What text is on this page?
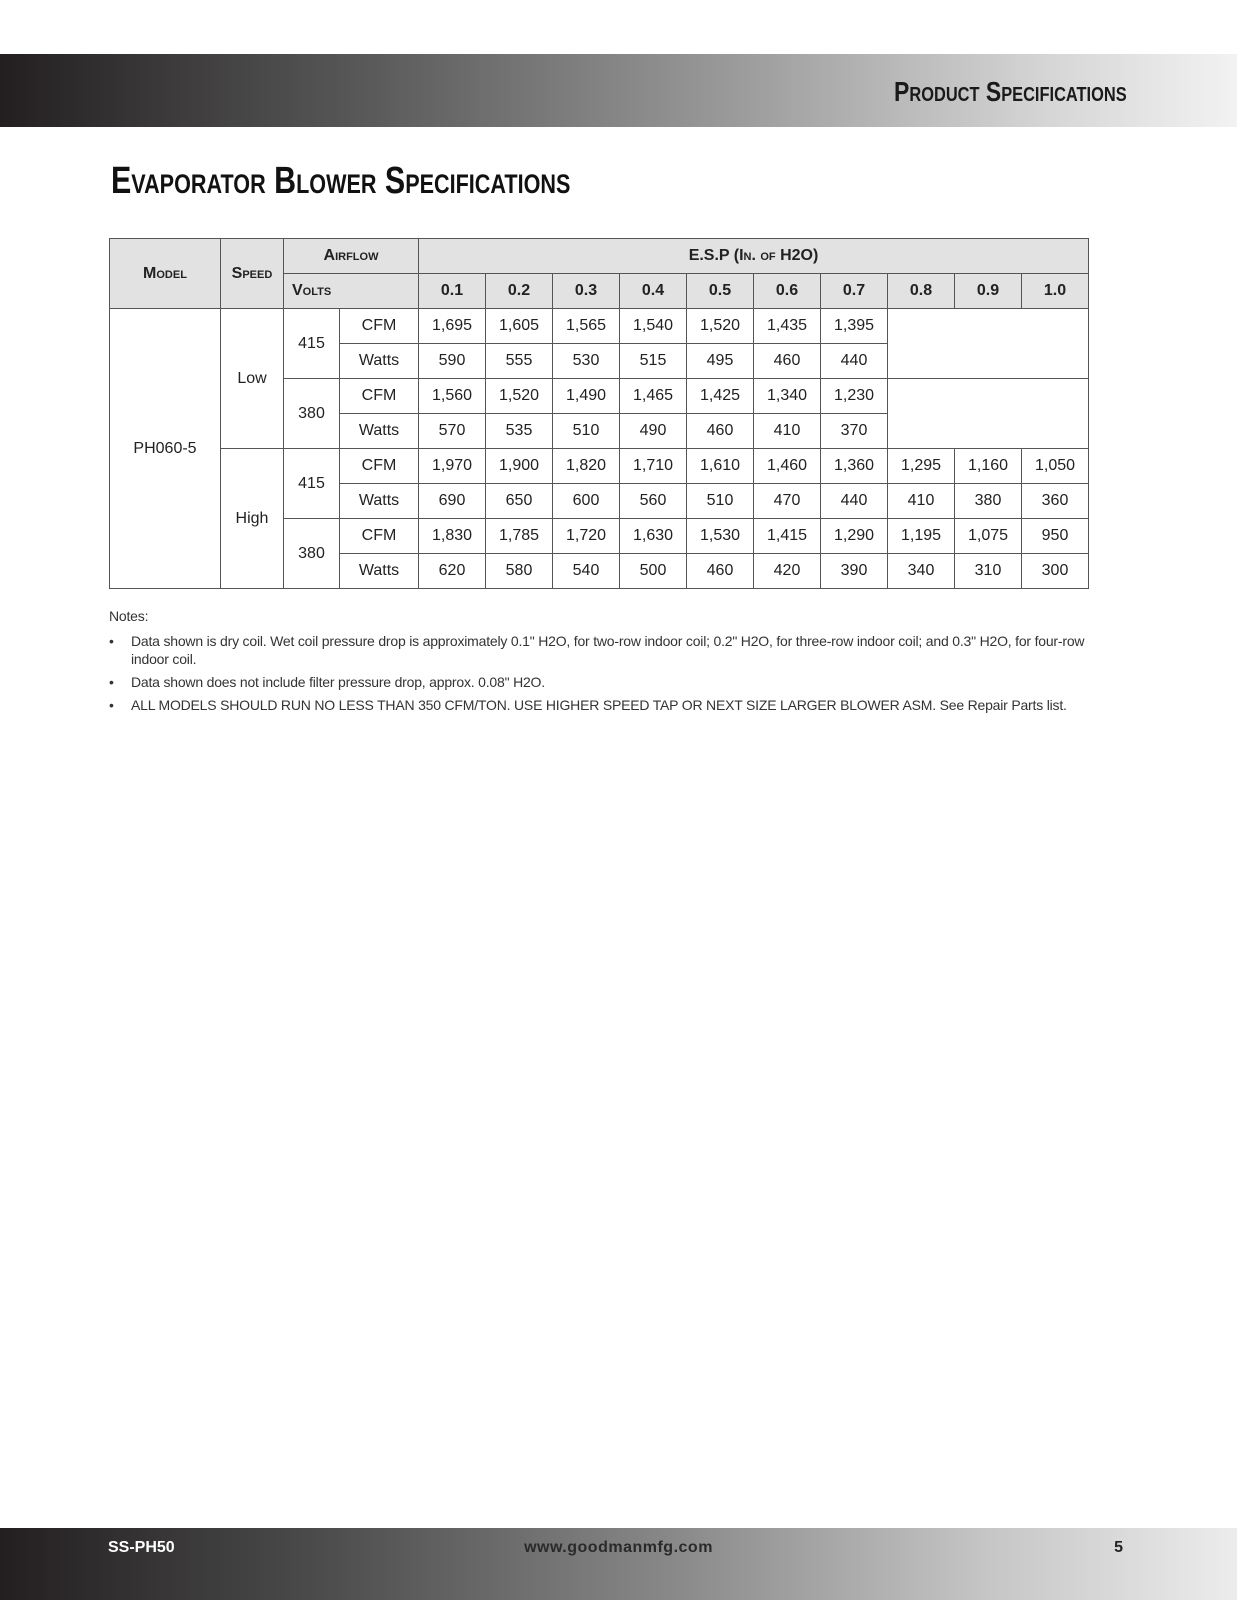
Product Specifications
Evaporator Blower Specifications
Model	Speed	Airflow		E.S.P (In. of H2O)									
		Volts		0.1	0.2	0.3	0.4	0.5	0.6	0.7	0.8	0.9	1.0
PH060-5	Low	415	CFM	1,695	1,605	1,565	1,540	1,520	1,435	1,395			
			Watts	590	555	530	515	495	460	440			
		380	CFM	1,560	1,520	1,490	1,465	1,425	1,340	1,230			
			Watts	570	535	510	490	460	410	370			
	High	415	CFM	1,970	1,900	1,820	1,710	1,610	1,460	1,360	1,295	1,160	1,050
			Watts	690	650	600	560	510	470	440	410	380	360
		380	CFM	1,830	1,785	1,720	1,630	1,530	1,415	1,290	1,195	1,075	950
			Watts	620	580	540	500	460	420	390	340	310	300
Notes:
• Data shown is dry coil. Wet coil pressure drop is approximately 0.1" H2O, for two-row indoor coil; 0.2" H2O, for three-row indoor coil; and 0.3" H2O, for four-row indoor coil.
• Data shown does not include filter pressure drop, approx. 0.08" H2O.
• ALL MODELS SHOULD RUN NO LESS THAN 350 CFM/TON. USE HIGHER SPEED TAP OR NEXT SIZE LARGER BLOWER ASM. See Repair Parts list.
SS-PH50	www.goodmanmfg.com	5
